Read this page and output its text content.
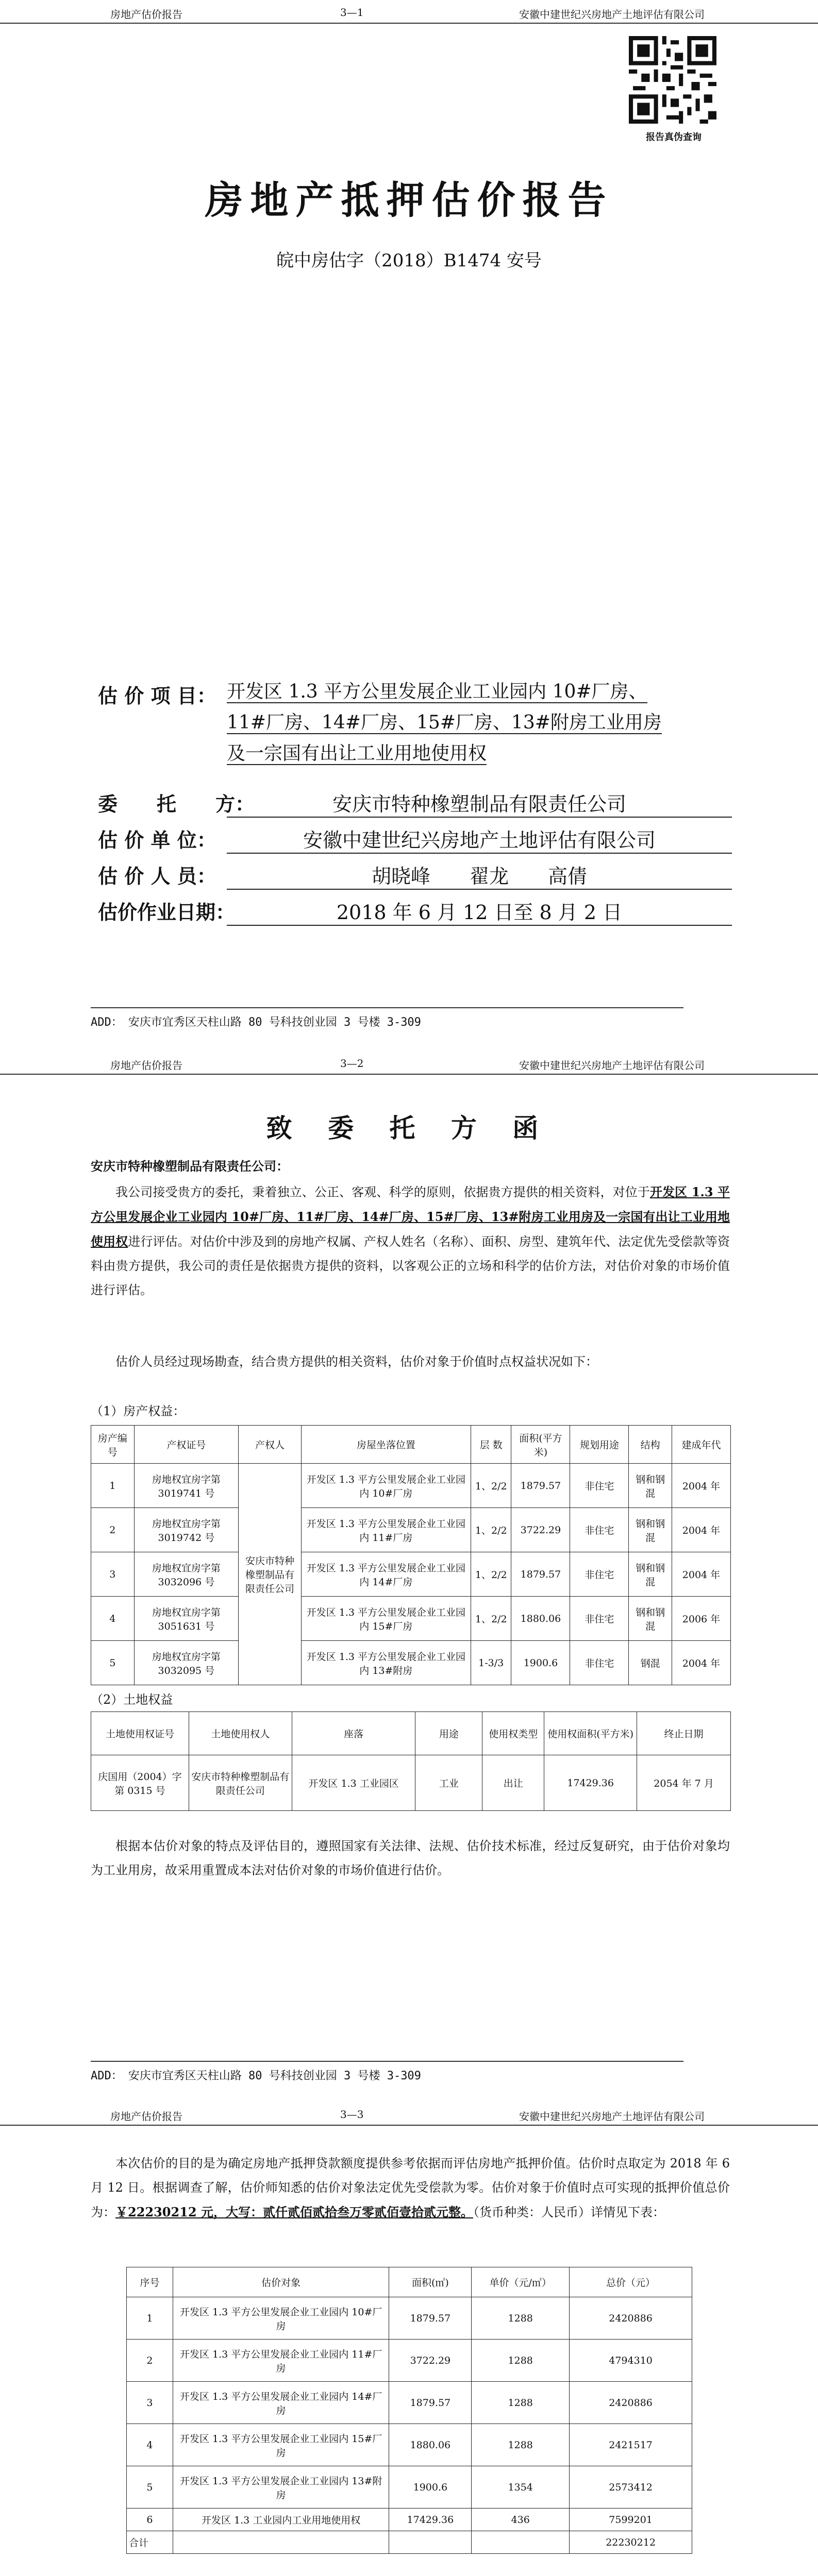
房地产估价报告	3—1	安徽中建世纪兴房地产土地评估有限公司
报告真伪查询
房地产抵押估价报告
皖中房估字（2018）B1474 安号
估 价 项 目： 开发区 1.3 平方公里发展企业工业园内 10#厂房、
11#厂房、14#厂房、15#厂房、13#附房工业用房
及一宗国有出让工业用地使用权
委　　托　　方：	安庆市特种橡塑制品有限责任公司
估 价 单 位：	安徽中建世纪兴房地产土地评估有限公司
估 价 人 员：	胡晓峰　　翟龙　　高倩
估价作业日期：	2018 年 6 月 12 日至 8 月 2 日
ADD：　安庆市宜秀区天柱山路 80 号科技创业园 3 号楼 3-309
房地产估价报告	3—2	安徽中建世纪兴房地产土地评估有限公司
致 委 托 方 函
安庆市特种橡塑制品有限责任公司：
我公司接受贵方的委托，秉着独立、公正、客观、科学的原则，依据贵方提供的相关资料，对位于开发区 1.3 平方公里发展企业工业园内 10#厂房、11#厂房、14#厂房、15#厂房、13#附房工业用房及一宗国有出让工业用地使用权进行评估。对估价中涉及到的房地产权属、产权人姓名（名称）、面积、房型、建筑年代、法定优先受偿款等资料由贵方提供，我公司的责任是依据贵方提供的资料，以客观公正的立场和科学的估价方法，对估价对象的市场价值进行评估。
估价人员经过现场勘查，结合贵方提供的相关资料，估价对象于价值时点权益状况如下：
（1）房产权益：
房产编号	产权证号	产权人	房屋坐落位置	层 数	面积(平方米)	规划用途	结构	建成年代
1	房地权宜房字第 3019741 号	安庆市特种橡塑制品有限责任公司	开发区 1.3 平方公里发展企业工业园内 10#厂房	1、2/2	1879.57	非住宅	钢和钢混	2004 年
2	房地权宜房字第 3019742 号		开发区 1.3 平方公里发展企业工业园内 11#厂房	1、2/2	3722.29	非住宅	钢和钢混	2004 年
3	房地权宜房字第 3032096 号		开发区 1.3 平方公里发展企业工业园内 14#厂房	1、2/2	1879.57	非住宅	钢和钢混	2004 年
4	房地权宜房字第 3051631 号		开发区 1.3 平方公里发展企业工业园内 15#厂房	1、2/2	1880.06	非住宅	钢和钢混	2006 年
5	房地权宜房字第 3032095 号		开发区 1.3 平方公里发展企业工业园内 13#附房	1-3/3	1900.6	非住宅	钢混	2004 年
（2）土地权益
土地使用权证号	土地使用权人	座落	用途	使用权类型	使用权面积(平方米)	终止日期
庆国用（2004）字第 0315 号	安庆市特种橡塑制品有限责任公司	开发区 1.3 工业园区	工业	出让	17429.36	2054 年 7 月
根据本估价对象的特点及评估目的，遵照国家有关法律、法规、估价技术标准，经过反复研究，由于估价对象均为工业用房，故采用重置成本法对估价对象的市场价值进行估价。
ADD：　安庆市宜秀区天柱山路 80 号科技创业园 3 号楼 3-309
房地产估价报告	3—3	安徽中建世纪兴房地产土地评估有限公司
本次估价的目的是为确定房地产抵押贷款额度提供参考依据而评估房地产抵押价值。估价时点取定为 2018 年 6 月 12 日。根据调查了解，估价师知悉的估价对象法定优先受偿款为零。估价对象于价值时点可实现的抵押价值总价为：￥22230212 元，大写：贰仟贰佰贰拾叁万零贰佰壹拾贰元整。（货币种类：人民币）详情见下表：
序号	估价对象	面积(㎡)	单价（元/㎡）	总价（元）
1	开发区 1.3 平方公里发展企业工业园内 10#厂房	1879.57	1288	2420886
2	开发区 1.3 平方公里发展企业工业园内 11#厂房	3722.29	1288	4794310
3	开发区 1.3 平方公里发展企业工业园内 14#厂房	1879.57	1288	2420886
4	开发区 1.3 平方公里发展企业工业园内 15#厂房	1880.06	1288	2421517
5	开发区 1.3 平方公里发展企业工业园内 13#附房	1900.6	1354	2573412
6	开发区 1.3 工业园内工业用地使用权	17429.36	436	7599201
合计				22230212
